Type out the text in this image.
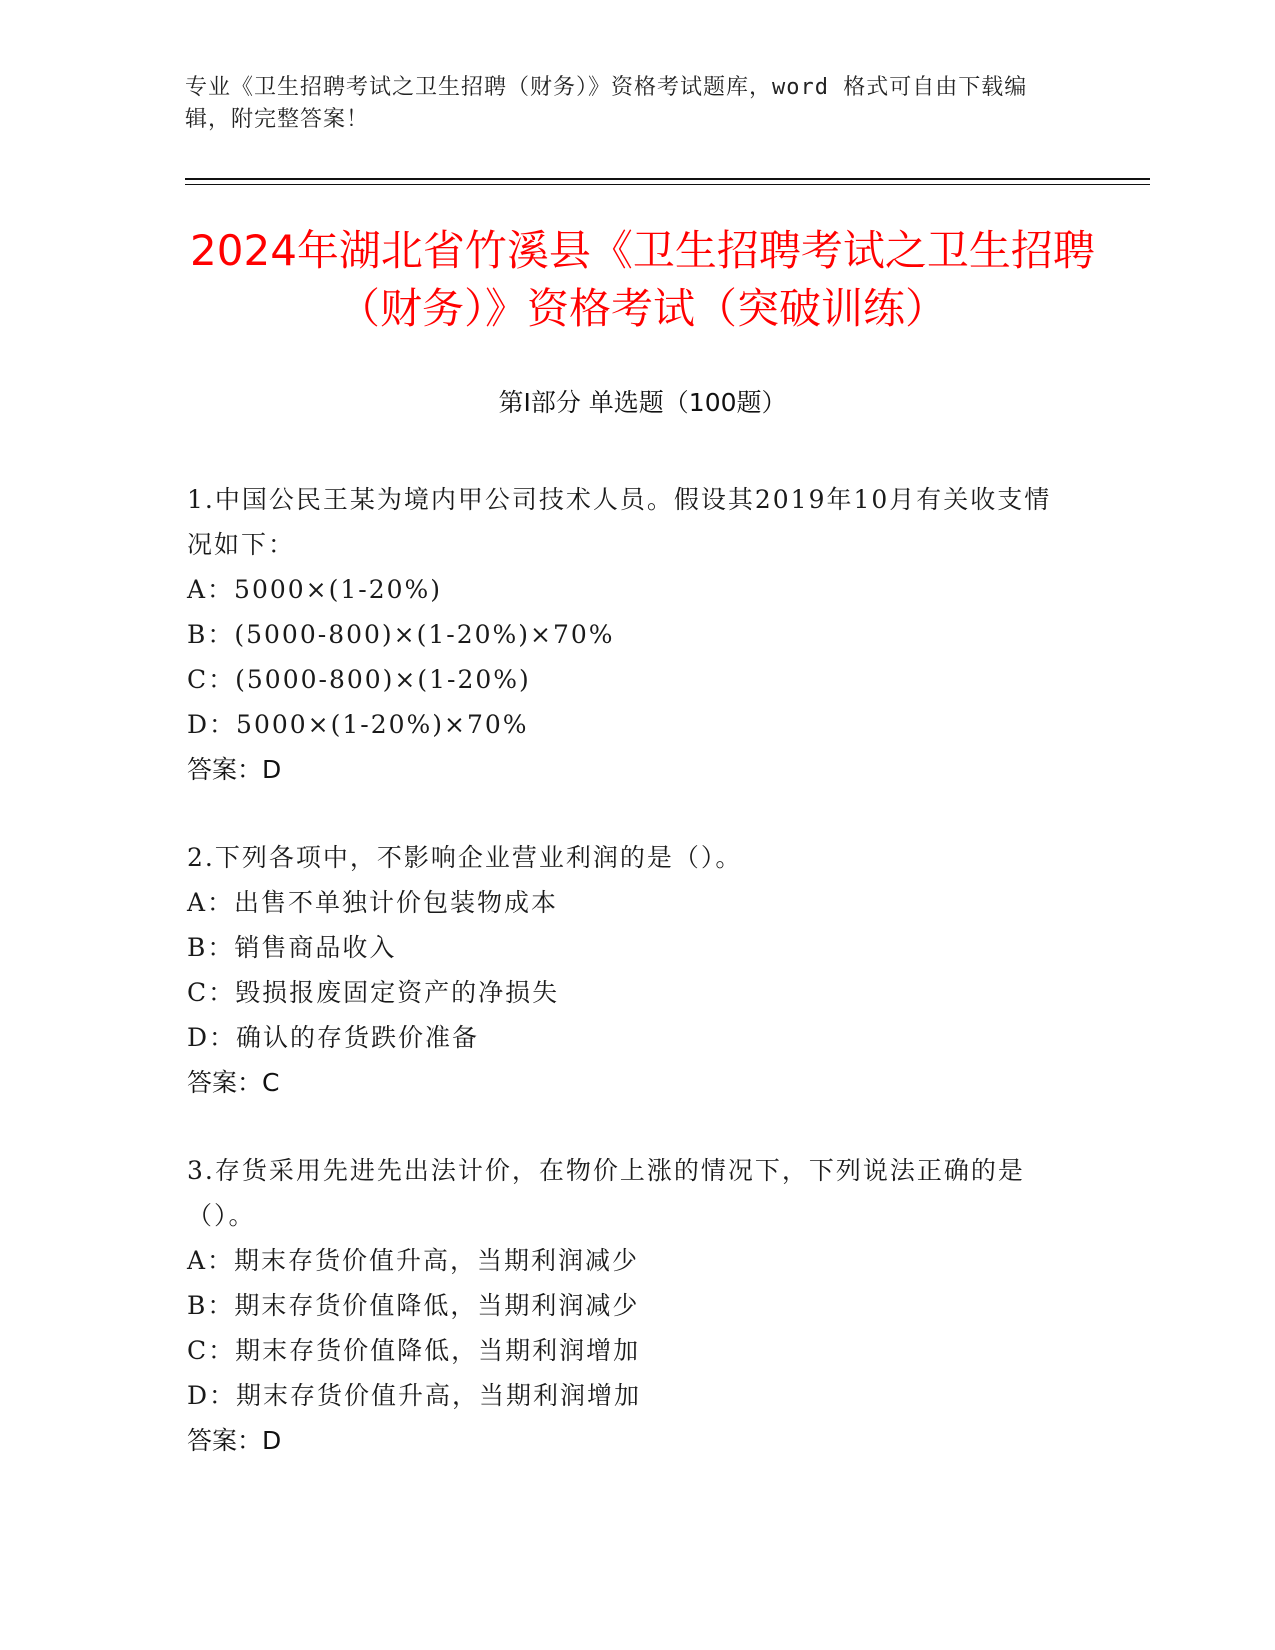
专业《卫生招聘考试之卫生招聘（财务）》资格考试题库，word 格式可自由下载编辑，附完整答案！
2024年湖北省竹溪县《卫生招聘考试之卫生招聘（财务）》资格考试（突破训练）
第Ⅰ部分 单选题（100题）
1.中国公民王某为境内甲公司技术人员。假设其2019年10月有关收支情况如下：
A：5000×(1-20%)
B：(5000-800)×(1-20%)×70%
C：(5000-800)×(1-20%)
D：5000×(1-20%)×70%
答案：D
2.下列各项中，不影响企业营业利润的是（）。
A：出售不单独计价包装物成本
B：销售商品收入
C：毁损报废固定资产的净损失
D：确认的存货跌价准备
答案：C
3.存货采用先进先出法计价，在物价上涨的情况下，下列说法正确的是（）。
A：期末存货价值升高，当期利润减少
B：期末存货价值降低，当期利润减少
C：期末存货价值降低，当期利润增加
D：期末存货价值升高，当期利润增加
答案：D
